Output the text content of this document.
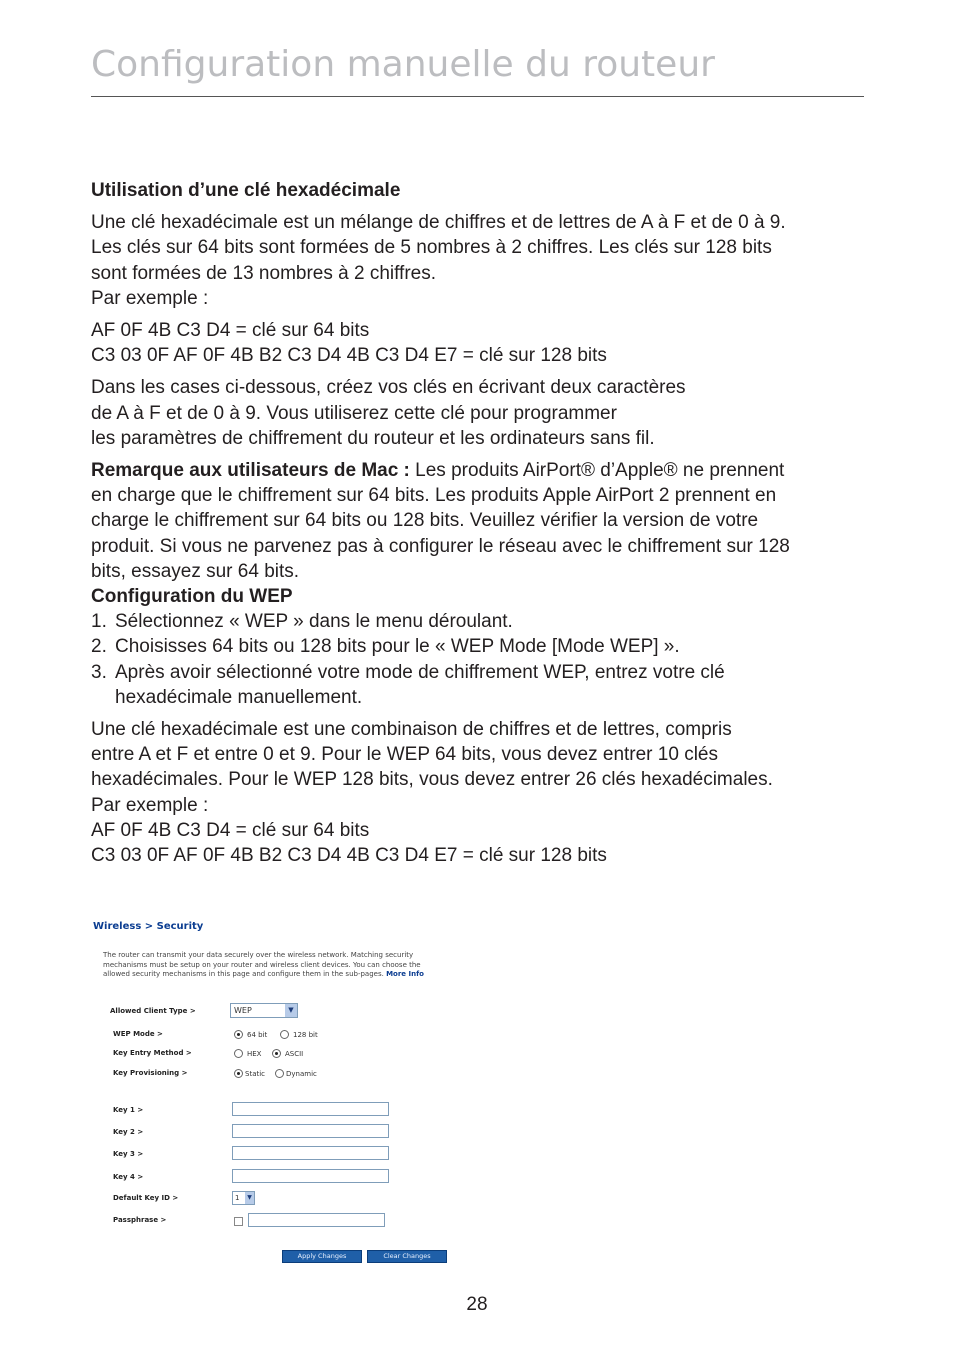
Configuration manuelle du routeur

Utilisation d’une clé hexadécimale

Une clé hexadécimale est un mélange de chiffres et de lettres de A à F et de 0 à 9.

Les clés sur 64 bits sont formées de 5 nombres à 2 chiffres. Les clés sur 128 bits

sont formées de 13 nombres à 2 chiffres.

Par exemple :

AF 0F 4B C3 D4 = clé sur 64 bits

C3 03 0F AF 0F 4B B2 C3 D4 4B C3 D4 E7 = clé sur 128 bits

Dans les cases ci-dessous, créez vos clés en écrivant deux caractères

de A à F et de 0 à 9. Vous utiliserez cette clé pour programmer

les paramètres de chiffrement du routeur et les ordinateurs sans fil.

Remarque aux utilisateurs de Mac : Les produits AirPort® d’Apple® ne prennent

en charge que le chiffrement sur 64 bits. Les produits Apple AirPort 2 prennent en

charge le chiffrement sur 64 bits ou 128 bits. Veuillez vérifier la version de votre

produit. Si vous ne parvenez pas à configurer le réseau avec le chiffrement sur 128

bits, essayez sur 64 bits.

Configuration du WEP

1. Sélectionnez « WEP » dans le menu déroulant.
2. Choisisses 64 bits ou 128 bits pour le « WEP Mode [Mode WEP] ».
3. Après avoir sélectionné votre mode de chiffrement WEP, entrez votre clé
hexadécimale manuellement.

Une clé hexadécimale est une combinaison de chiffres et de lettres, compris

entre A et F et entre 0 et 9. Pour le WEP 64 bits, vous devez entrer 10 clés

hexadécimales. Pour le WEP 128 bits, vous devez entrer 26 clés hexadécimales.

Par exemple :

AF 0F 4B C3 D4 = clé sur 64 bits

C3 03 0F AF 0F 4B B2 C3 D4 4B C3 D4 E7 = clé sur 128 bits

Wireless > Security
The router can transmit your data securely over the wireless network. Matching security
mechanisms must be setup on your router and wireless client devices. You can choose the
allowed security mechanisms in this page and configure them in the sub-pages. More Info
Allowed Client Type >	WEP	▼
WEP Mode >	64 bit	128 bit
Key Entry Method >	HEX	ASCII
Key Provisioning >	Static	Dynamic
Key 1 >
Key 2 >
Key 3 >
Key 4 >
Default Key ID >	1	▼
Passphrase >
Apply Changes	Clear Changes
28
